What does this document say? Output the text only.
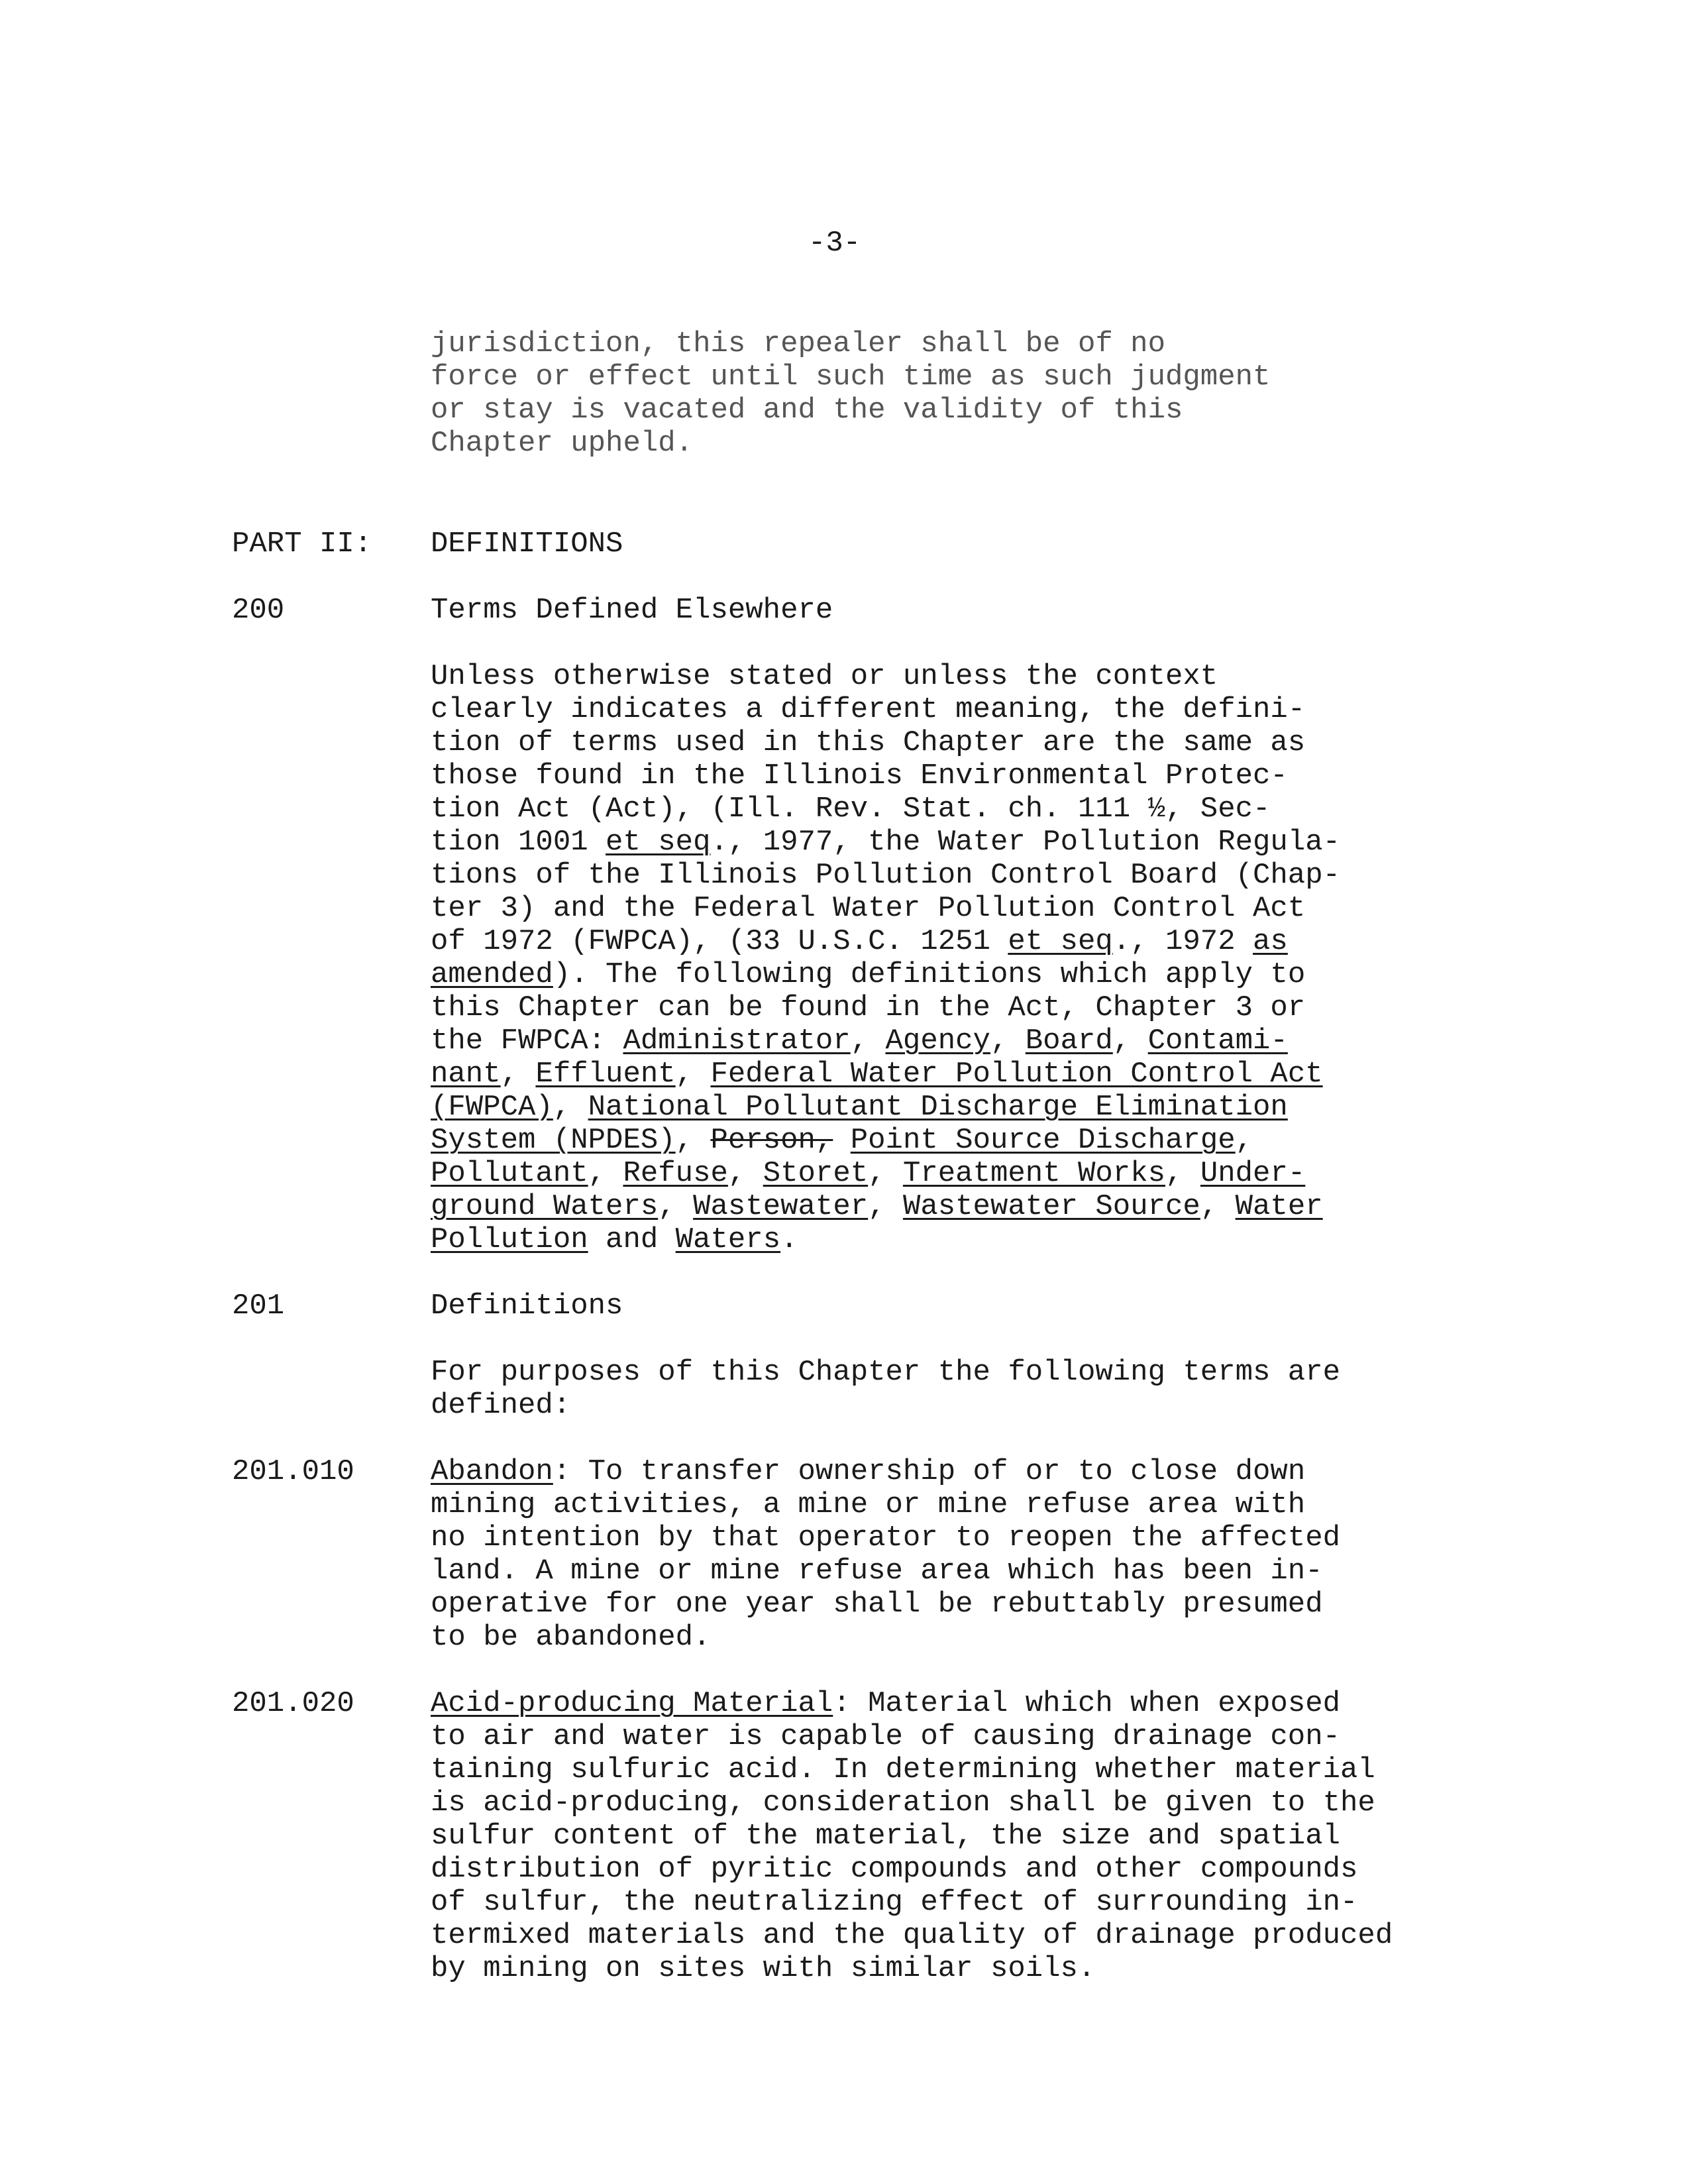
-3-
jurisdiction, this repealer shall be of no
force or effect until such time as such judgment
or stay is vacated and the validity of this
Chapter upheld.
PART II: DEFINITIONS
200	Terms Defined Elsewhere
Unless otherwise stated or unless the context
clearly indicates a different meaning, the defini-
tion of terms used in this Chapter are the same as
those found in the Illinois Environmental Protec-
tion Act (Act), (Ill. Rev. Stat. ch. 111 ½, Sec-
tion 1001 et seq., 1977, the Water Pollution Regula-
tions of the Illinois Pollution Control Board (Chap-
ter 3) and the Federal Water Pollution Control Act
of 1972 (FWPCA), (33 U.S.C. 1251 et seq., 1972 as
amended). The following definitions which apply to
this Chapter can be found in the Act, Chapter 3 or
the FWPCA: Administrator, Agency, Board, Contami-
nant, Effluent, Federal Water Pollution Control Act
(FWPCA), National Pollutant Discharge Elimination
System (NPDES), Person, Point Source Discharge,
Pollutant, Refuse, Storet, Treatment Works, Under-
ground Waters, Wastewater, Wastewater Source, Water
Pollution and Waters.
201	Definitions
For purposes of this Chapter the following terms are
defined:
201.010	Abandon: To transfer ownership of or to close down
mining activities, a mine or mine refuse area with
no intention by that operator to reopen the affected
land. A mine or mine refuse area which has been in-
operative for one year shall be rebuttably presumed
to be abandoned.
201.020	Acid-producing Material: Material which when exposed
to air and water is capable of causing drainage con-
taining sulfuric acid. In determining whether material
is acid-producing, consideration shall be given to the
sulfur content of the material, the size and spatial
distribution of pyritic compounds and other compounds
of sulfur, the neutralizing effect of surrounding in-
termixed materials and the quality of drainage produced
by mining on sites with similar soils.
